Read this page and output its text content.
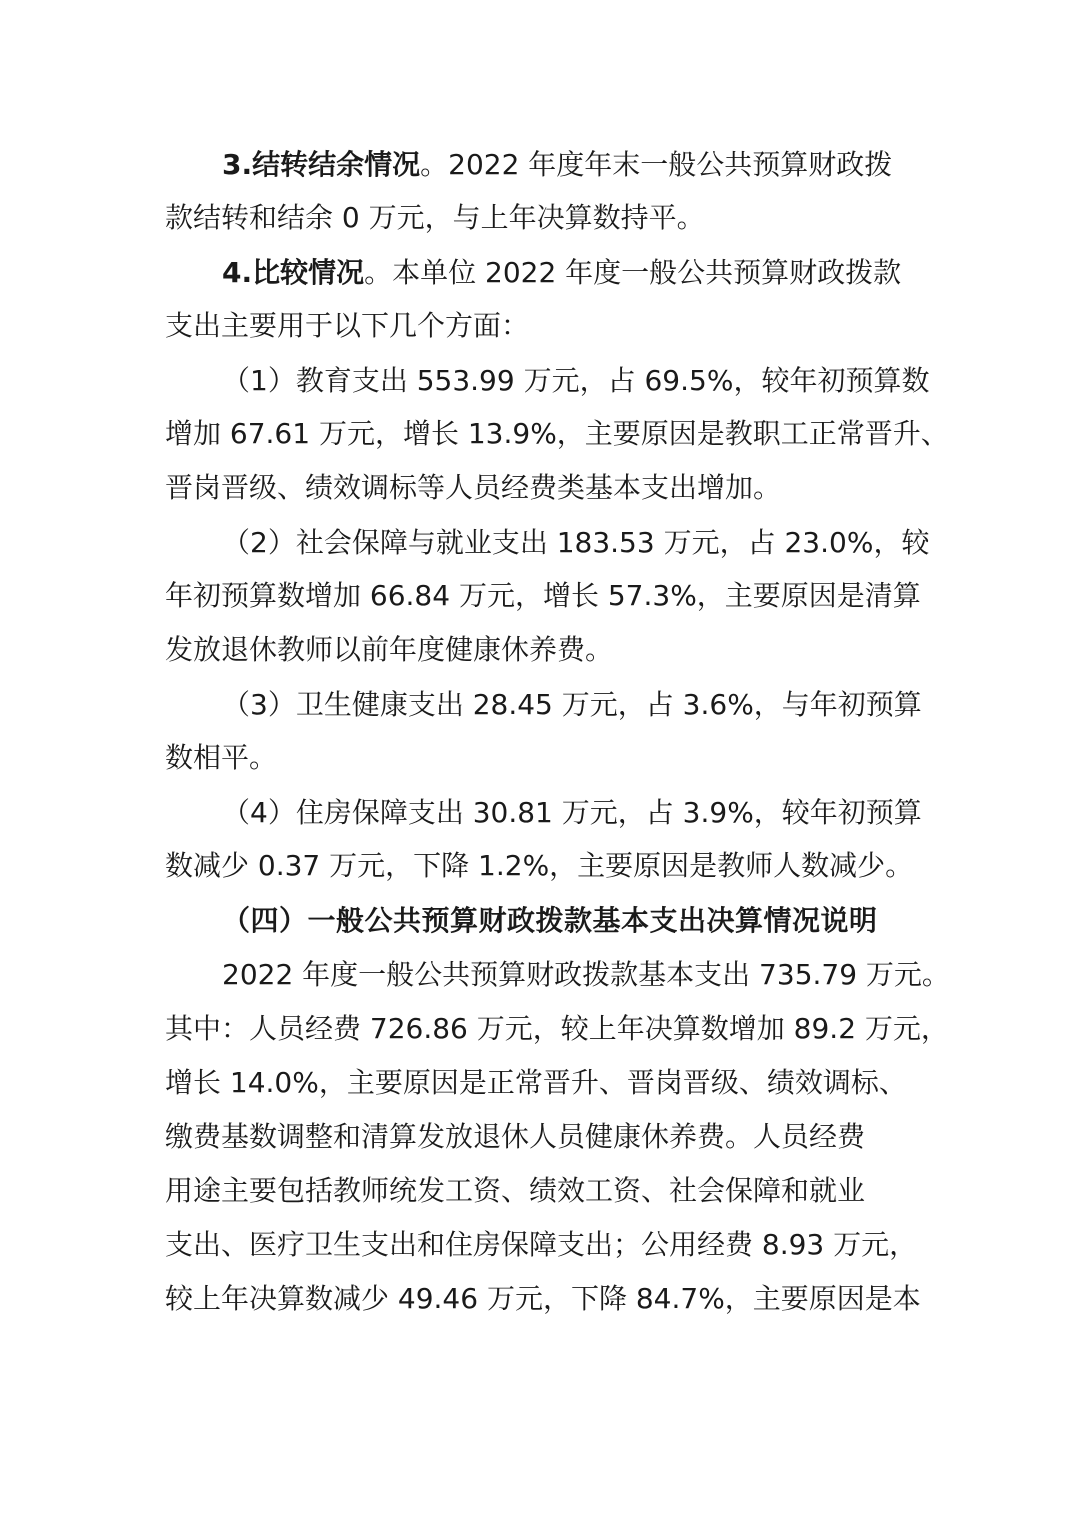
3.结转结余情况。2022 年度年末一般公共预算财政拨
款结转和结余 0 万元，与上年决算数持平。
4.比较情况。本单位 2022 年度一般公共预算财政拨款
支出主要用于以下几个方面：
（1）教育支出 553.99 万元，占 69.5%，较年初预算数
增加 67.61 万元，增长 13.9%，主要原因是教职工正常晋升、
晋岗晋级、绩效调标等人员经费类基本支出增加。
（2）社会保障与就业支出 183.53 万元，占 23.0%，较
年初预算数增加 66.84 万元，增长 57.3%，主要原因是清算
发放退休教师以前年度健康休养费。
（3）卫生健康支出 28.45 万元，占 3.6%，与年初预算
数相平。
（4）住房保障支出 30.81 万元，占 3.9%，较年初预算
数减少 0.37 万元，下降 1.2%，主要原因是教师人数减少。
（四）一般公共预算财政拨款基本支出决算情况说明
2022 年度一般公共预算财政拨款基本支出 735.79 万元。
其中：人员经费 726.86 万元，较上年决算数增加 89.2 万元，
增长 14.0%，主要原因是正常晋升、晋岗晋级、绩效调标、
缴费基数调整和清算发放退休人员健康休养费。人员经费
用途主要包括教师统发工资、绩效工资、社会保障和就业
支出、医疗卫生支出和住房保障支出；公用经费 8.93 万元，
较上年决算数减少 49.46 万元，下降 84.7%，主要原因是本
